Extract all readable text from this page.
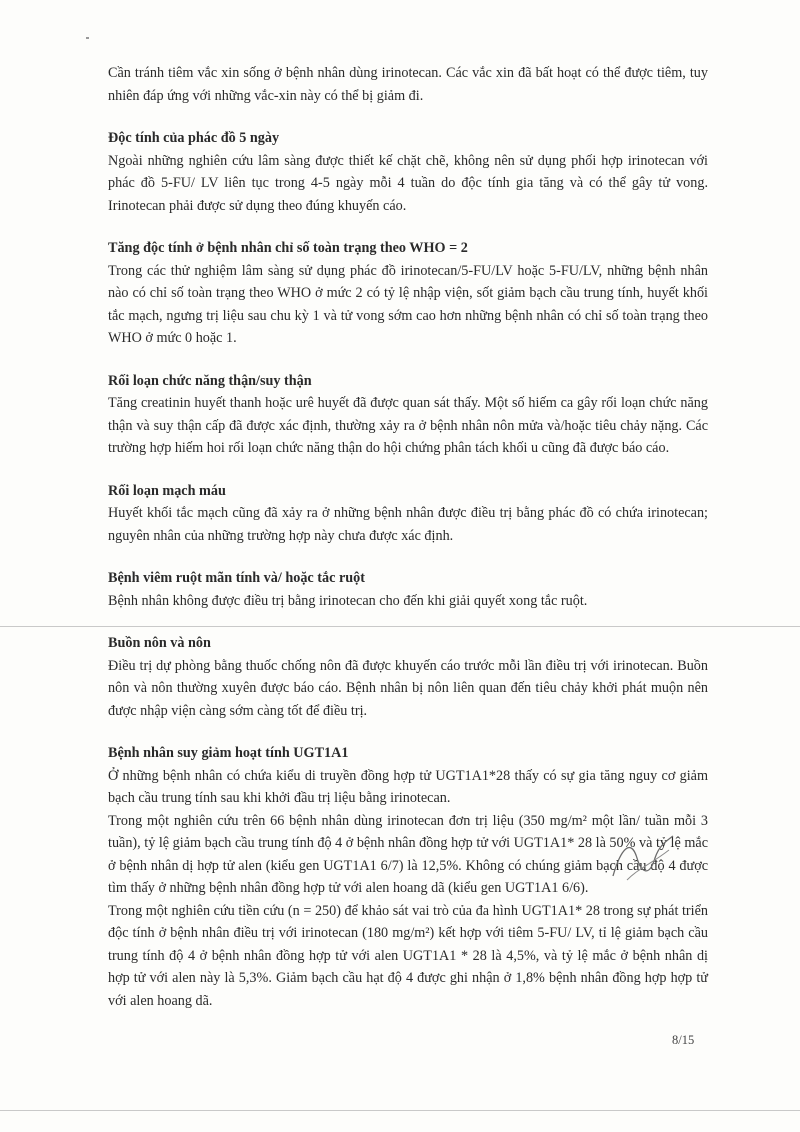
Cần tránh tiêm vắc xin sống ở bệnh nhân dùng irinotecan. Các vắc xin đã bất hoạt có thể được tiêm, tuy nhiên đáp ứng với những vắc-xin này có thể bị giảm đi.
Độc tính của phác đồ 5 ngày
Ngoài những nghiên cứu lâm sàng được thiết kế chặt chẽ, không nên sử dụng phối hợp irinotecan với phác đồ 5-FU/ LV liên tục trong 4-5 ngày mỗi 4 tuần do độc tính gia tăng và có thể gây tử vong. Irinotecan phải được sử dụng theo đúng khuyến cáo.
Tăng độc tính ở bệnh nhân chỉ số toàn trạng theo WHO = 2
Trong các thử nghiệm lâm sàng sử dụng phác đồ irinotecan/5-FU/LV hoặc 5-FU/LV, những bệnh nhân nào có chỉ số toàn trạng theo WHO ở mức 2 có tỷ lệ nhập viện, sốt giảm bạch cầu trung tính, huyết khối tắc mạch, ngưng trị liệu sau chu kỳ 1 và tử vong sớm cao hơn những bệnh nhân có chỉ số toàn trạng theo WHO ở mức 0 hoặc 1.
Rối loạn chức năng thận/suy thận
Tăng creatinin huyết thanh hoặc urê huyết đã được quan sát thấy. Một số hiếm ca gây rối loạn chức năng thận và suy thận cấp đã được xác định, thường xảy ra ở bệnh nhân nôn mửa và/hoặc tiêu chảy nặng. Các trường hợp hiếm hoi rối loạn chức năng thận do hội chứng phân tách khối u cũng đã được báo cáo.
Rối loạn mạch máu
Huyết khối tắc mạch cũng đã xảy ra ở những bệnh nhân được điều trị bằng phác đồ có chứa irinotecan; nguyên nhân của những trường hợp này chưa được xác định.
Bệnh viêm ruột mãn tính và/ hoặc tắc ruột
Bệnh nhân không được điều trị bằng irinotecan cho đến khi giải quyết xong tắc ruột.
Buồn nôn và nôn
Điều trị dự phòng bằng thuốc chống nôn đã được khuyến cáo trước mỗi lần điều trị với irinotecan. Buồn nôn và nôn thường xuyên được báo cáo. Bệnh nhân bị nôn liên quan đến tiêu chảy khởi phát muộn nên được nhập viện càng sớm càng tốt để điều trị.
Bệnh nhân suy giảm hoạt tính UGT1A1
Ở những bệnh nhân có chứa kiểu di truyền đồng hợp tử UGT1A1*28 thấy có sự gia tăng nguy cơ giảm bạch cầu trung tính sau khi khởi đầu trị liệu bằng irinotecan.
Trong một nghiên cứu trên 66 bệnh nhân dùng irinotecan đơn trị liệu (350 mg/m² một lần/ tuần mỗi 3 tuần), tỷ lệ giảm bạch cầu trung tính độ 4 ở bệnh nhân đồng hợp tử với UGT1A1* 28 là 50% và tỷ lệ mắc ở bệnh nhân dị hợp tử alen (kiểu gen UGT1A1 6/7) là 12,5%. Không có chúng giảm bạch cầu độ 4 được tìm thấy ở những bệnh nhân đồng hợp tử với alen hoang dã (kiểu gen UGT1A1 6/6).
Trong một nghiên cứu tiền cứu (n = 250) để khảo sát vai trò của đa hình UGT1A1* 28 trong sự phát triển độc tính ở bệnh nhân điều trị với irinotecan (180 mg/m²) kết hợp với tiêm 5-FU/ LV, tỉ lệ giảm bạch cầu trung tính độ 4 ở bệnh nhân đồng hợp tử với alen UGT1A1 * 28 là 4,5%, và tỷ lệ mắc ở bệnh nhân dị hợp tử với alen này là 5,3%. Giảm bạch cầu hạt độ 4 được ghi nhận ở 1,8% bệnh nhân đồng hợp hợp tử với alen hoang dã.
8/15
